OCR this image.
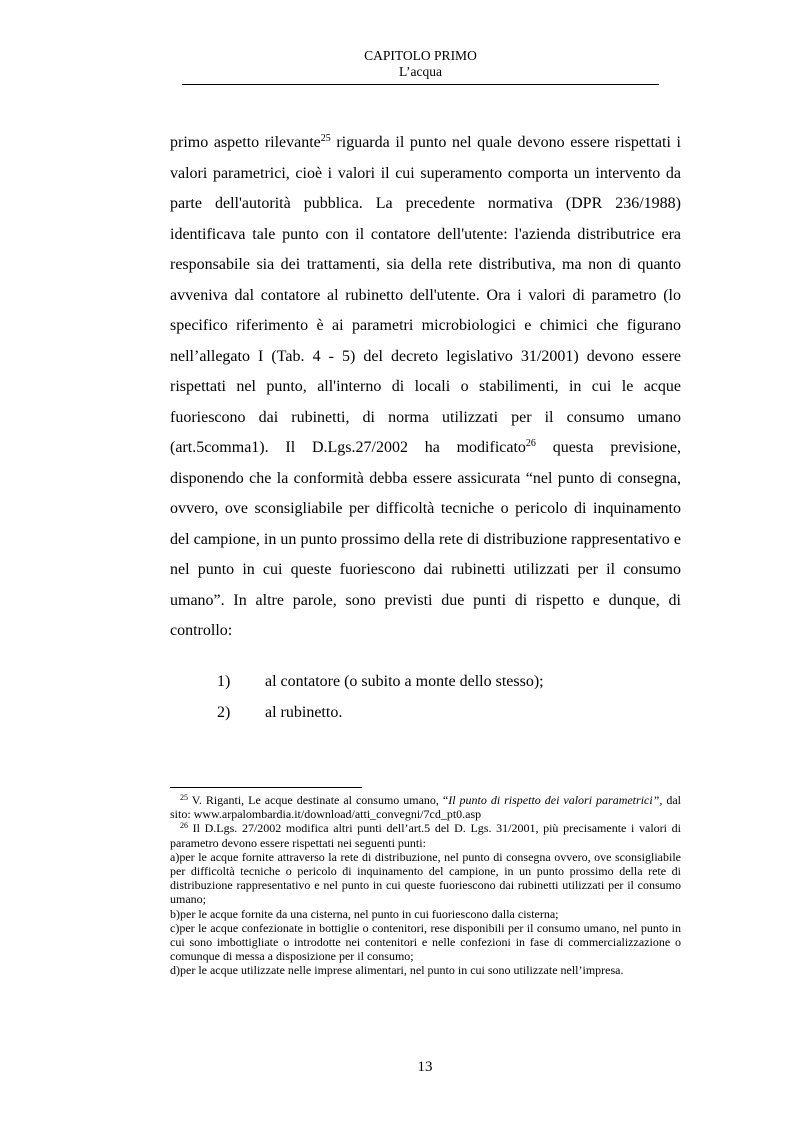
CAPITOLO PRIMO
L’acqua

primo aspetto rilevante$^{25}$ riguarda il punto nel quale devono essere rispettati i valori parametrici, cioè i valori il cui superamento comporta un intervento da parte dell'autorità pubblica. La precedente normativa (DPR 236/1988) identificava tale punto con il contatore dell'utente: l'azienda distributrice era responsabile sia dei trattamenti, sia della rete distributiva, ma non di quanto avveniva dal contatore al rubinetto dell'utente. Ora i valori di parametro (lo specifico riferimento è ai parametri microbiologici e chimici che figurano nell’allegato I (Tab. 4 - 5) del decreto legislativo 31/2001) devono essere rispettati nel punto, all'interno di locali o stabilimenti, in cui le acque fuoriescono dai rubinetti, di norma utilizzati per il consumo umano (art.5comma1). Il D.Lgs.27/2002 ha modificato$^{26}$ questa previsione, disponendo che la conformità debba essere assicurata “nel punto di consegna, ovvero, ove sconsigliabile per difficoltà tecniche o pericolo di inquinamento del campione, in un punto prossimo della rete di distribuzione rappresentativo e nel punto in cui queste fuoriescono dai rubinetti utilizzati per il consumo umano”. In altre parole, sono previsti due punti di rispetto e dunque, di controllo:

1)	al contatore (o subito a monte dello stesso);
2)	al rubinetto.

$^{25}$ V. Riganti, Le acque destinate al consumo umano, “Il punto di rispetto dei valori parametrici”, dal sito: www.arpalombardia.it/download/atti_convegni/7cd_pt0.asp

$^{26}$ Il D.Lgs. 27/2002 modifica altri punti dell’art.5 del D. Lgs. 31/2001, più precisamente i valori di parametro devono essere rispettati nei seguenti punti:

a)per le acque fornite attraverso la rete di distribuzione, nel punto di consegna ovvero, ove sconsigliabile per difficoltà tecniche o pericolo di inquinamento del campione, in un punto prossimo della rete di distribuzione rappresentativo e nel punto in cui queste fuoriescono dai rubinetti utilizzati per il consumo umano;

b)per le acque fornite da una cisterna, nel punto in cui fuoriescono dalla cisterna;

c)per le acque confezionate in bottiglie o contenitori, rese disponibili per il consumo umano, nel punto in cui sono imbottigliate o introdotte nei contenitori e nelle confezioni in fase di commercializzazione o comunque di messa a disposizione per il consumo;

d)per le acque utilizzate nelle imprese alimentari, nel punto in cui sono utilizzate nell’impresa.

13
